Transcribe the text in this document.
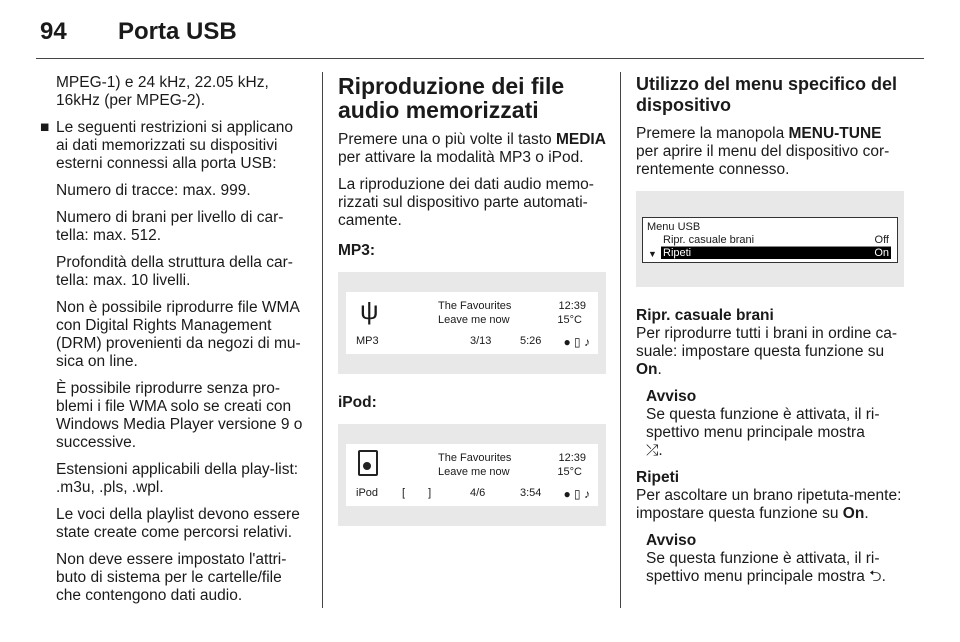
94 Porta USB

MPEG-1) e 24 kHz, 22.05 kHz, 16kHz (per MPEG-2).

■ Le seguenti restrizioni si applicano ai dati memorizzati su dispositivi esterni connessi alla porta USB:

Numero di tracce: max. 999.

Numero di brani per livello di car-tella: max. 512.

Profondità della struttura della car-tella: max. 10 livelli.

Non è possibile riprodurre file WMA con Digital Rights Management (DRM) provenienti da negozi di mu-sica on line.

È possibile riprodurre senza pro-blemi i file WMA solo se creati con Windows Media Player versione 9 o successive.

Estensioni applicabili della play-list: .m3u, .pls, .wpl.

Le voci della playlist devono essere state create come percorsi relativi.

Non deve essere impostato l'attri-buto di sistema per le cartelle/file che contengono dati audio.

Riproduzione dei file audio memorizzati

Premere una o più volte il tasto MEDIA per attivare la modalità MP3 o iPod.

La riproduzione dei dati audio memo-rizzati sul dispositivo parte automati-camente.

MP3:

ψ	The Favourites
Leave me now
MP3	3/13	5:26
12:39
15°C
● ▯ ♪

iPod:

The Favourites
Leave me now
iPod [ ]	4/6	3:54
12:39
15°C
● ▯ ♪

Utilizzo del menu specifico del dispositivo

Premere la manopola MENU-TUNE per aprire il menu del dispositivo cor-rentemente connesso.

Menu USB
Ripr. casuale brani	Off
▼ Ripeti	On

Ripr. casuale brani

Per riprodurre tutti i brani in ordine ca-suale: impostare questa funzione su On.

Avviso

Se questa funzione è attivata, il ri-spettivo menu principale mostra
⤮.

Ripeti

Per ascoltare un brano ripetuta-mente: impostare questa funzione su On.

Avviso

Se questa funzione è attivata, il ri-spettivo menu principale mostra ⮌.
